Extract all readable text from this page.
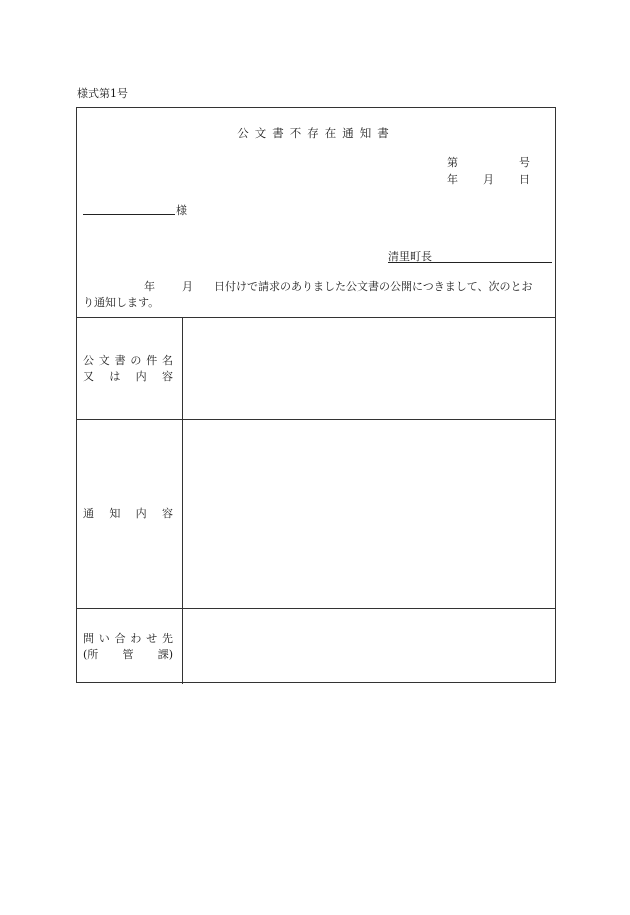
様式第1号
公文書不存在通知書
第	号
年 月 日
様
清里町長
年 月 日付けで請求のありました公文書の公開につきまして、次のとお
り通知します。
公 文 書 の 件 名
又 は 内 容
通 知 内 容
問 い 合 わ せ 先
(所 管 課)
